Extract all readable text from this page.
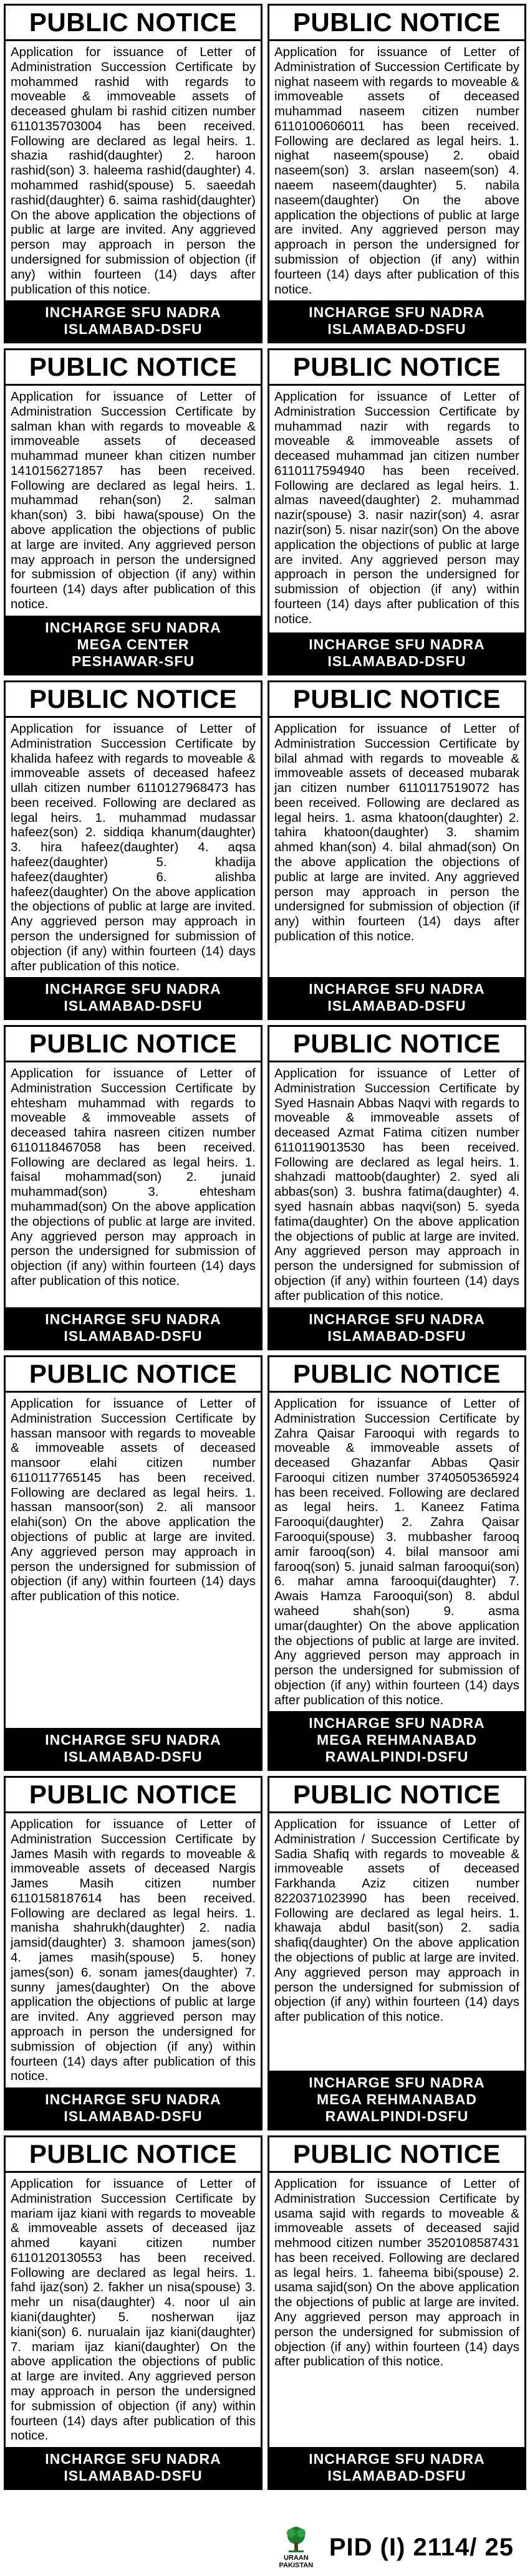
PUBLIC NOTICE
Application for issuance of Letter of Administration Succession Certificate by mohammed rashid with regards to moveable & immoveable assets of deceased ghulam bi rashid citizen number 6110135703004 has been received. Following are declared as legal heirs. 1. shazia rashid(daughter) 2. haroon rashid(son) 3. haleema rashid(daughter) 4. mohammed rashid(spouse) 5. saeedah rashid(daughter) 6. saima rashid(daughter) On the above application the objections of public at large are invited. Any aggrieved person may approach in person the undersigned for submission of objection (if any) within fourteen (14) days after publication of this notice.
INCHARGE SFU NADRA
ISLAMABAD-DSFU
PUBLIC NOTICE
Application for issuance of Letter of Administration of Succession Certificate by nighat naseem with regards to moveable & immoveable assets of deceased muhammad naseem citizen number 6110100606011 has been received. Following are declared as legal heirs. 1. nighat naseem(spouse) 2. obaid naseem(son) 3. arslan naseem(son) 4. naeem naseem(daughter) 5. nabila naseem(daughter) On the above application the objections of public at large are invited. Any aggrieved person may approach in person the undersigned for submission of objection (if any) within fourteen (14) days after publication of this notice.
INCHARGE SFU NADRA
ISLAMABAD-DSFU
PUBLIC NOTICE
Application for issuance of Letter of Administration Succession Certificate by salman khan with regards to moveable & immoveable assets of deceased muhammad muneer khan citizen number 1410156271857 has been received. Following are declared as legal heirs. 1. muhammad rehan(son) 2. salman khan(son) 3. bibi hawa(spouse) On the above application the objections of public at large are invited. Any aggrieved person may approach in person the undersigned for submission of objection (if any) within fourteen (14) days after publication of this notice.
INCHARGE SFU NADRA
MEGA CENTER
PESHAWAR-SFU
PUBLIC NOTICE
Application for issuance of Letter of Administration Succession Certificate by muhammad nazir with regards to moveable & immoveable assets of deceased muhammad jan citizen number 6110117594940 has been received. Following are declared as legal heirs. 1. almas naveed(daughter) 2. muhammad nazir(spouse) 3. nasir nazir(son) 4. asrar nazir(son) 5. nisar nazir(son) On the above application the objections of public at large are invited. Any aggrieved person may approach in person the undersigned for submission of objection (if any) within fourteen (14) days after publication of this notice.
INCHARGE SFU NADRA
ISLAMABAD-DSFU
PUBLIC NOTICE
Application for issuance of Letter of Administration Succession Certificate by khalida hafeez with regards to moveable & immoveable assets of deceased hafeez ullah citizen number 6110127968473 has been received. Following are declared as legal heirs. 1. muhammad mudassar hafeez(son) 2. siddiqa khanum(daughter) 3. hira hafeez(daughter) 4. aqsa hafeez(daughter) 5. khadija hafeez(daughter) 6. alishba hafeez(daughter) On the above application the objections of public at large are invited. Any aggrieved person may approach in person the undersigned for submission of objection (if any) within fourteen (14) days after publication of this notice.
INCHARGE SFU NADRA
ISLAMABAD-DSFU
PUBLIC NOTICE
Application for issuance of Letter of Administration Succession Certificate by bilal ahmad with regards to moveable & immoveable assets of deceased mubarak jan citizen number 6110117519072 has been received. Following are declared as legal heirs. 1. asma khatoon(daughter) 2. tahira khatoon(daughter) 3. shamim ahmed khan(son) 4. bilal ahmad(son) On the above application the objections of public at large are invited. Any aggrieved person may approach in person the undersigned for submission of objection (if any) within fourteen (14) days after publication of this notice.
INCHARGE SFU NADRA
ISLAMABAD-DSFU
PUBLIC NOTICE
Application for issuance of Letter of Administration Succession Certificate by ehtesham muhammad with regards to moveable & immoveable assets of deceased tahira nasreen citizen number 6110118467058 has been received. Following are declared as legal heirs. 1. faisal mohammad(son) 2. junaid muhammad(son) 3. ehtesham muhammad(son) On the above application the objections of public at large are invited. Any aggrieved person may approach in person the undersigned for submission of objection (if any) within fourteen (14) days after publication of this notice.
INCHARGE SFU NADRA
ISLAMABAD-DSFU
PUBLIC NOTICE
Application for issuance of Letter of Administration Succession Certificate by Syed Hasnain Abbas Naqvi with regards to moveable & immoveable assets of deceased Azmat Fatima citizen number 6110119013530 has been received. Following are declared as legal heirs. 1. shahzadi mattoob(daughter) 2. syed ali abbas(son) 3. bushra fatima(daughter) 4. syed hasnain abbas naqvi(son) 5. syeda fatima(daughter) On the above application the objections of public at large are invited. Any aggrieved person may approach in person the undersigned for submission of objection (if any) within fourteen (14) days after publication of this notice.
INCHARGE SFU NADRA
ISLAMABAD-DSFU
PUBLIC NOTICE
Application for issuance of Letter of Administration Succession Certificate by hassan mansoor with regards to moveable & immoveable assets of deceased mansoor elahi citizen number 6110117765145 has been received. Following are declared as legal heirs. 1. hassan mansoor(son) 2. ali mansoor elahi(son) On the above application the objections of public at large are invited. Any aggrieved person may approach in person the undersigned for submission of objection (if any) within fourteen (14) days after publication of this notice.
INCHARGE SFU NADRA
ISLAMABAD-DSFU
PUBLIC NOTICE
Application for issuance of Letter of Administration Succession Certificate by Zahra Qaisar Farooqui with regards to moveable & immoveable assets of deceased Ghazanfar Abbas Qasir Farooqui citizen number 3740505365924 has been received. Following are declared as legal heirs. 1. Kaneez Fatima Farooqui(daughter) 2. Zahra Qaisar Farooqui(spouse) 3. mubbasher farooq amir farooq(son) 4. bilal mansoor ami farooq(son) 5. junaid salman farooqui(son) 6. mahar amna farooqui(daughter) 7. Awais Hamza Farooqui(son) 8. abdul waheed shah(son) 9. asma umar(daughter) On the above application the objections of public at large are invited. Any aggrieved person may approach in person the undersigned for submission of objection (if any) within fourteen (14) days after publication of this notice.
INCHARGE SFU NADRA
MEGA REHMANABAD
RAWALPINDI-DSFU
PUBLIC NOTICE
Application for issuance of Letter of Administration Succession Certificate by James Masih with regards to moveable & immoveable assets of deceased Nargis James Masih citizen number 6110158187614 has been received. Following are declared as legal heirs. 1. manisha shahrukh(daughter) 2. nadia jamsid(daughter) 3. shamoon james(son) 4. james masih(spouse) 5. honey james(son) 6. sonam james(daughter) 7. sunny james(daughter) On the above application the objections of public at large are invited. Any aggrieved person may approach in person the undersigned for submission of objection (if any) within fourteen (14) days after publication of this notice.
INCHARGE SFU NADRA
ISLAMABAD-DSFU
PUBLIC NOTICE
Application for issuance of Letter of Administration / Succession Certificate by Sadia Shafiq with regards to moveable & immoveable assets of deceased Farkhanda Aziz citizen number 8220371023990 has been received. Following are declared as legal heirs. 1. khawaja abdul basit(son) 2. sadia shafiq(daughter) On the above application the objections of public at large are invited. Any aggrieved person may approach in person the undersigned for submission of objection (if any) within fourteen (14) days after publication of this notice.
INCHARGE SFU NADRA
MEGA REHMANABAD
RAWALPINDI-DSFU
PUBLIC NOTICE
Application for issuance of Letter of Administration Succession Certificate by mariam ijaz kiani with regards to moveable & immoveable assets of deceased ijaz ahmed kayani citizen number 6110120130553 has been received. Following are declared as legal heirs. 1. fahd ijaz(son) 2. fakher un nisa(spouse) 3. mehr un nisa(daughter) 4. noor ul ain kiani(daughter) 5. nosherwan ijaz kiani(son) 6. nurualain ijaz kiani(daughter) 7. mariam ijaz kiani(daughter) On the above application the objections of public at large are invited. Any aggrieved person may approach in person the undersigned for submission of objection (if any) within fourteen (14) days after publication of this notice.
INCHARGE SFU NADRA
ISLAMABAD-DSFU
PUBLIC NOTICE
Application for issuance of Letter of Administration Succession Certificate by usama sajid with regards to moveable & immoveable assets of deceased sajid mehmood citizen number 3520108587431 has been received. Following are declared as legal heirs. 1. faheema bibi(spouse) 2. usama sajid(son) On the above application the objections of public at large are invited. Any aggrieved person may approach in person the undersigned for submission of objection (if any) within fourteen (14) days after publication of this notice.
INCHARGE SFU NADRA
ISLAMABAD-DSFU
URAAN
PAKISTAN
PID (I) 2114/ 25
